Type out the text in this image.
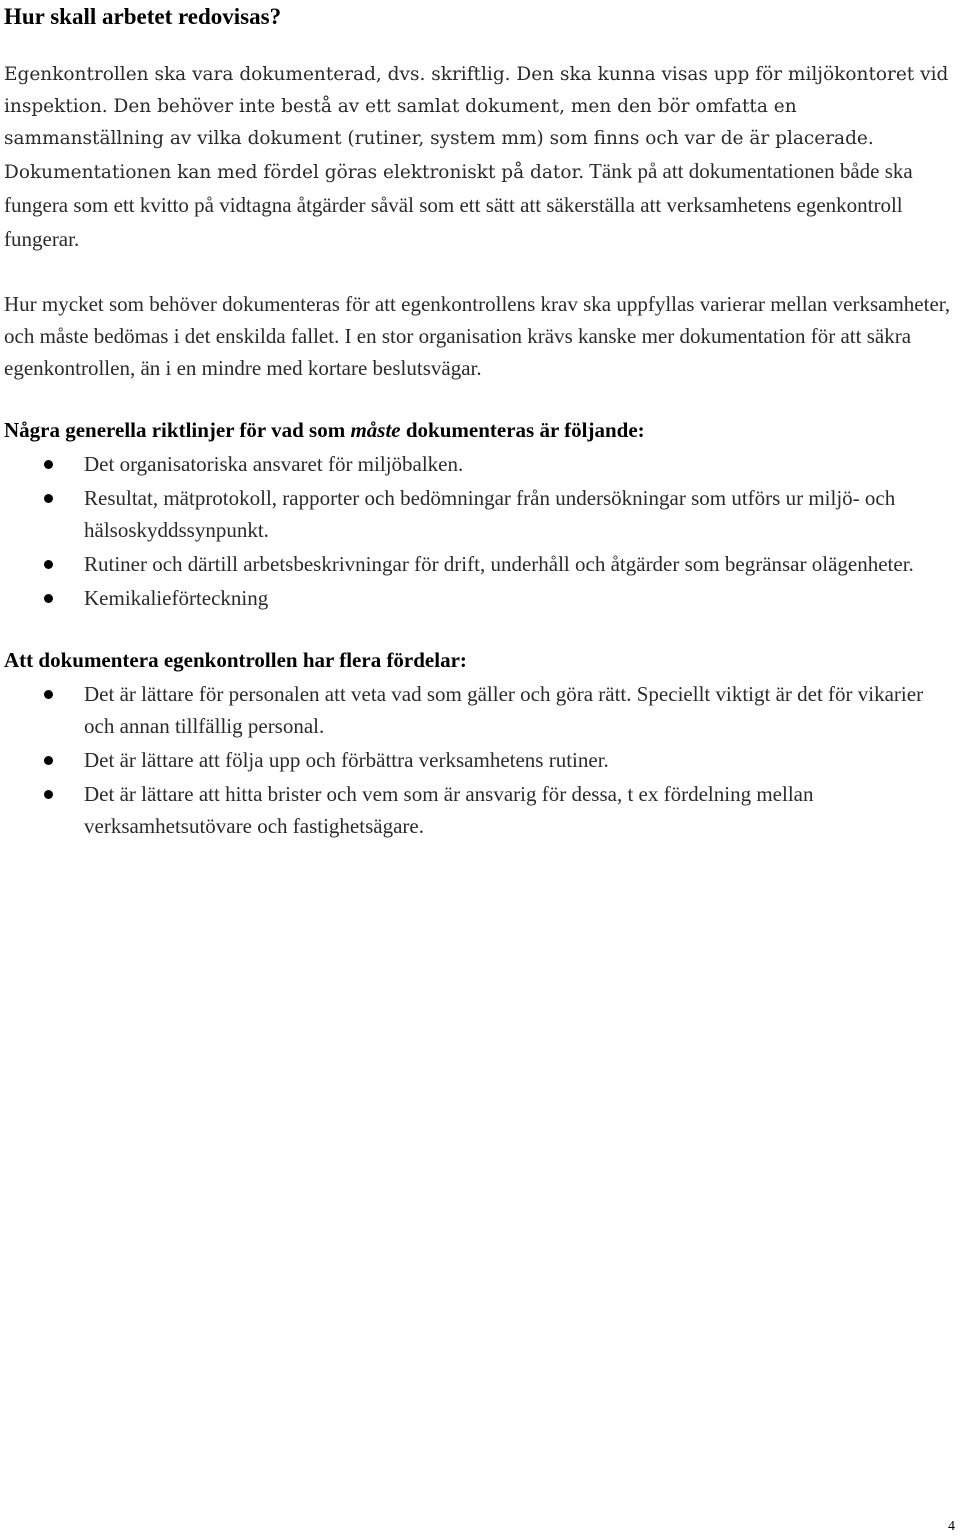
Hur skall arbetet redovisas?

Egenkontrollen ska vara dokumenterad, dvs. skriftlig. Den ska kunna visas upp för miljökontoret vid inspektion. Den behöver inte bestå av ett samlat dokument, men den bör omfatta en sammanställning av vilka dokument (rutiner, system mm) som finns och var de är placerade. Dokumentationen kan med fördel göras elektroniskt på dator. Tänk på att dokumentationen både ska fungera som ett kvitto på vidtagna åtgärder såväl som ett sätt att säkerställa att verksamhetens egenkontroll fungerar.

Hur mycket som behöver dokumenteras för att egenkontrollens krav ska uppfyllas varierar mellan verksamheter, och måste bedömas i det enskilda fallet. I en stor organisation krävs kanske mer dokumentation för att säkra egenkontrollen, än i en mindre med kortare beslutsvägar.

Några generella riktlinjer för vad som måste dokumenteras är följande:
Det organisatoriska ansvaret för miljöbalken.
Resultat, mätprotokoll, rapporter och bedömningar från undersökningar som utförs ur miljö- och hälsoskyddssynpunkt.
Rutiner och därtill arbetsbeskrivningar för drift, underhåll och åtgärder som begränsar olägenheter.
Kemikalieförteckning
Att dokumentera egenkontrollen har flera fördelar:
Det är lättare för personalen att veta vad som gäller och göra rätt. Speciellt viktigt är det för vikarier och annan tillfällig personal.
Det är lättare att följa upp och förbättra verksamhetens rutiner.
Det är lättare att hitta brister och vem som är ansvarig för dessa, t ex fördelning mellan verksamhetsutövare och fastighetsägare.
4
